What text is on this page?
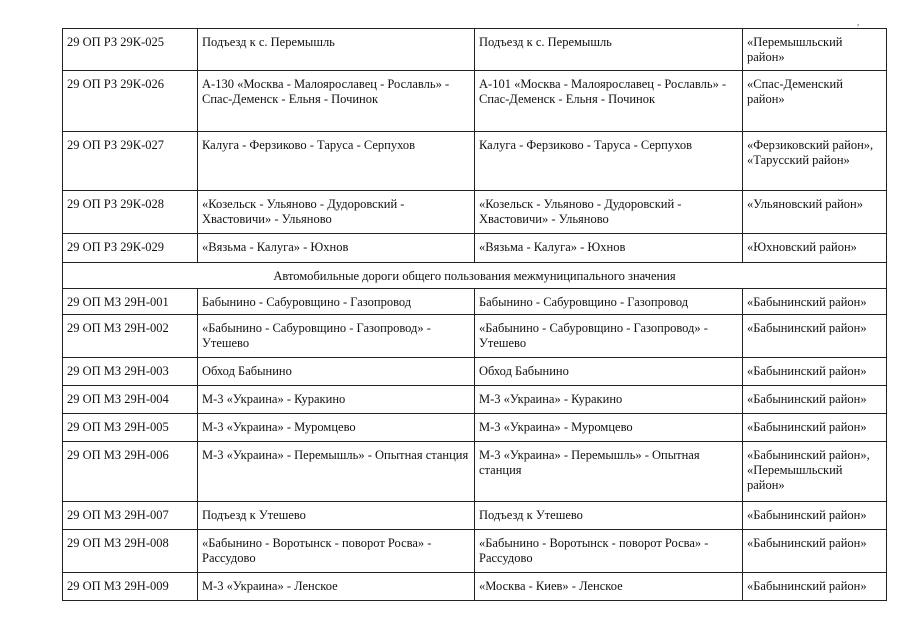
,
29 ОП РЗ 29К-025	Подъезд к с. Перемышль	Подъезд к с. Перемышль	«Перемышльский район»
29 ОП РЗ 29К-026	А-130 «Москва - Малоярославец - Рославль» - Спас-Деменск - Ельня - Починок	А-101 «Москва - Малоярославец - Рославль» - Спас-Деменск - Ельня - Починок	«Спас-Деменский район»
29 ОП РЗ 29К-027	Калуга - Ферзиково - Таруса - Серпухов	Калуга - Ферзиково - Таруса - Серпухов	«Ферзиковский район», «Тарусский район»
29 ОП РЗ 29К-028	«Козельск - Ульяново - Дудоровский - Хвастовичи» - Ульяново	«Козельск - Ульяново - Дудоровский - Хвастовичи» - Ульяново	«Ульяновский район»
29 ОП РЗ 29К-029	«Вязьма - Калуга» - Юхнов	«Вязьма - Калуга» - Юхнов	«Юхновский район»
Автомобильные дороги общего пользования межмуниципального значения			
29 ОП МЗ 29Н-001	Бабынино - Сабуровщино - Газопровод	Бабынино - Сабуровщино - Газопровод	«Бабынинский район»
29 ОП МЗ 29Н-002	«Бабынино - Сабуровщино - Газопровод» - Утешево	«Бабынино - Сабуровщино - Газопровод» - Утешево	«Бабынинский район»
29 ОП МЗ 29Н-003	Обход Бабынино	Обход Бабынино	«Бабынинский район»
29 ОП МЗ 29Н-004	М-3 «Украина» - Куракино	М-3 «Украина» - Куракино	«Бабынинский район»
29 ОП МЗ 29Н-005	М-3 «Украина» - Муромцево	М-3 «Украина» - Муромцево	«Бабынинский район»
29 ОП МЗ 29Н-006	М-3 «Украина» - Перемышль» - Опытная станция	М-3 «Украина» - Перемышль» - Опытная станция	«Бабынинский район», «Перемышльский район»
29 ОП МЗ 29Н-007	Подъезд к Утешево	Подъезд к Утешево	«Бабынинский район»
29 ОП МЗ 29Н-008	«Бабынино - Воротынск - поворот Росва» - Рассудово	«Бабынино - Воротынск - поворот Росва» - Рассудово	«Бабынинский район»
29 ОП МЗ 29Н-009	М-3 «Украина» - Ленское	«Москва - Киев» - Ленское	«Бабынинский район»
